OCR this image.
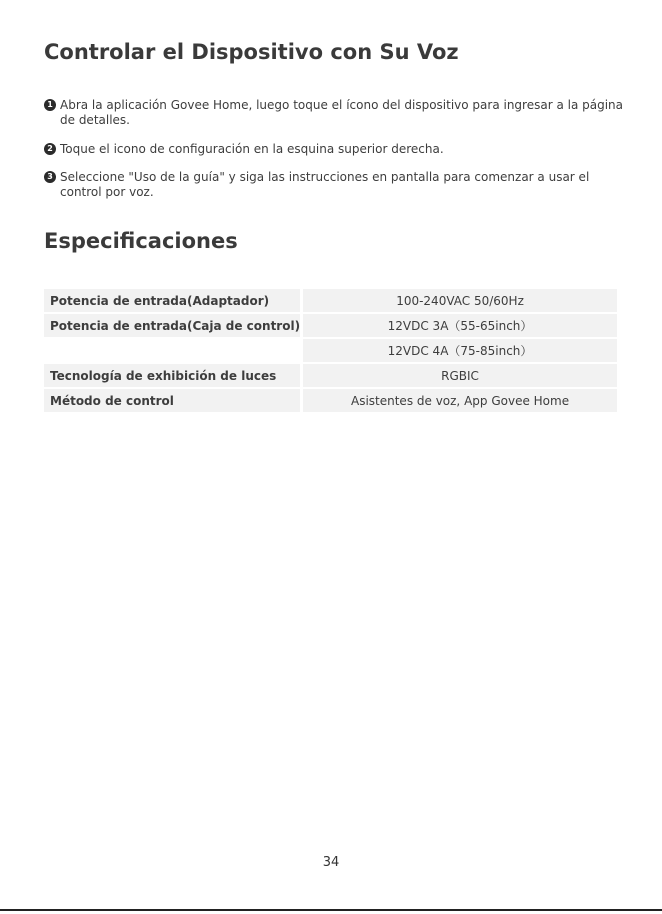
Controlar el Dispositivo con Su Voz
1 Abra la aplicación Govee Home, luego toque el ícono del dispositivo para ingresar a la página de detalles.
2 Toque el icono de configuración en la esquina superior derecha.
3 Seleccione "Uso de la guía" y siga las instrucciones en pantalla para comenzar a usar el control por voz.
Especificaciones
Potencia de entrada(Adaptador)		100-240VAC 50/60Hz
Potencia de entrada(Caja de control)		12VDC 3A（55-65inch）
		12VDC 4A（75-85inch）
Tecnología de exhibición de luces		RGBIC
Método de control		Asistentes de voz, App Govee Home
34
